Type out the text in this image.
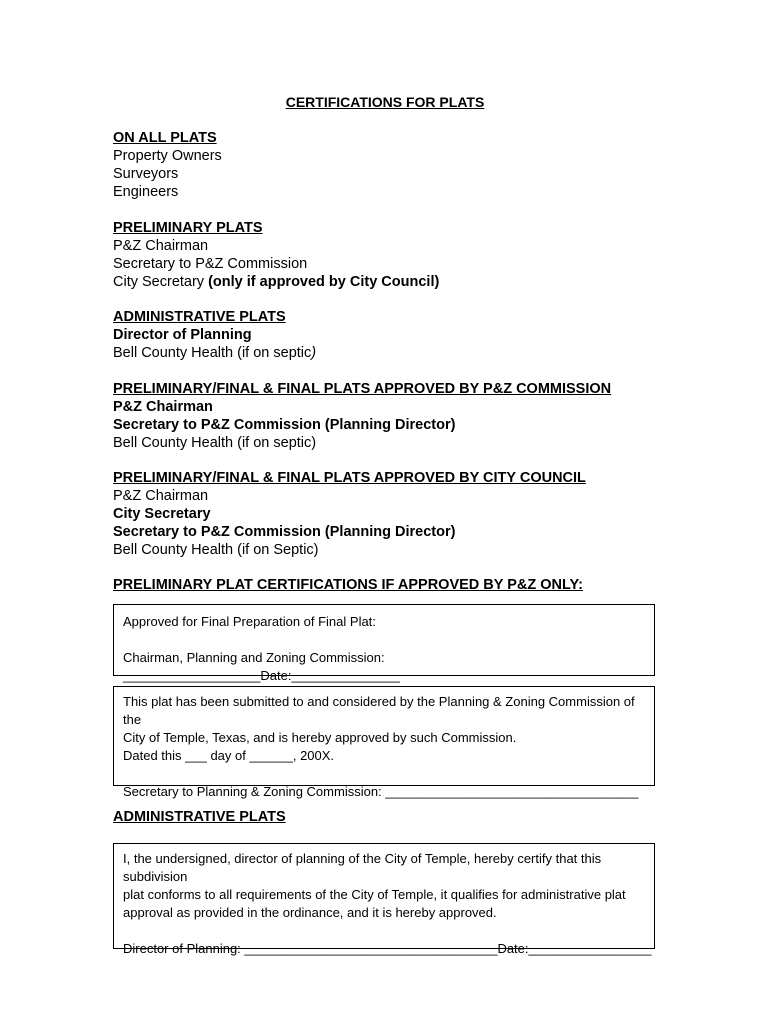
CERTIFICATIONS FOR PLATS
ON ALL PLATS
Property Owners
Surveyors
Engineers
PRELIMINARY PLATS
P&Z Chairman
Secretary to P&Z Commission
City Secretary (only if approved by City Council)
ADMINISTRATIVE PLATS
Director of Planning
Bell County Health (if on septic)
PRELIMINARY/FINAL & FINAL PLATS APPROVED BY P&Z COMMISSION
P&Z Chairman
Secretary to P&Z Commission (Planning Director)
Bell County Health (if on septic)
PRELIMINARY/FINAL & FINAL PLATS APPROVED BY CITY COUNCIL
P&Z Chairman
City Secretary
Secretary to P&Z Commission (Planning Director)
Bell County Health (if on Septic)
PRELIMINARY PLAT CERTIFICATIONS IF APPROVED BY P&Z ONLY:

Approved for Final Preparation of Final Plat:

Chairman, Planning and Zoning Commission: ___________________Date:_______________

This plat has been submitted to and considered by the Planning & Zoning Commission of the

City of Temple, Texas, and is hereby approved by such Commission.

Dated this ___ day of ______, 200X.

Secretary to Planning & Zoning Commission: ___________________________________

ADMINISTRATIVE PLATS

I, the undersigned, director of planning of the City of Temple, hereby certify that this subdivision

plat conforms to all requirements of the City of Temple, it qualifies for administrative plat

approval as provided in the ordinance, and it is hereby approved.

Director of Planning: ___________________________________Date:_________________
